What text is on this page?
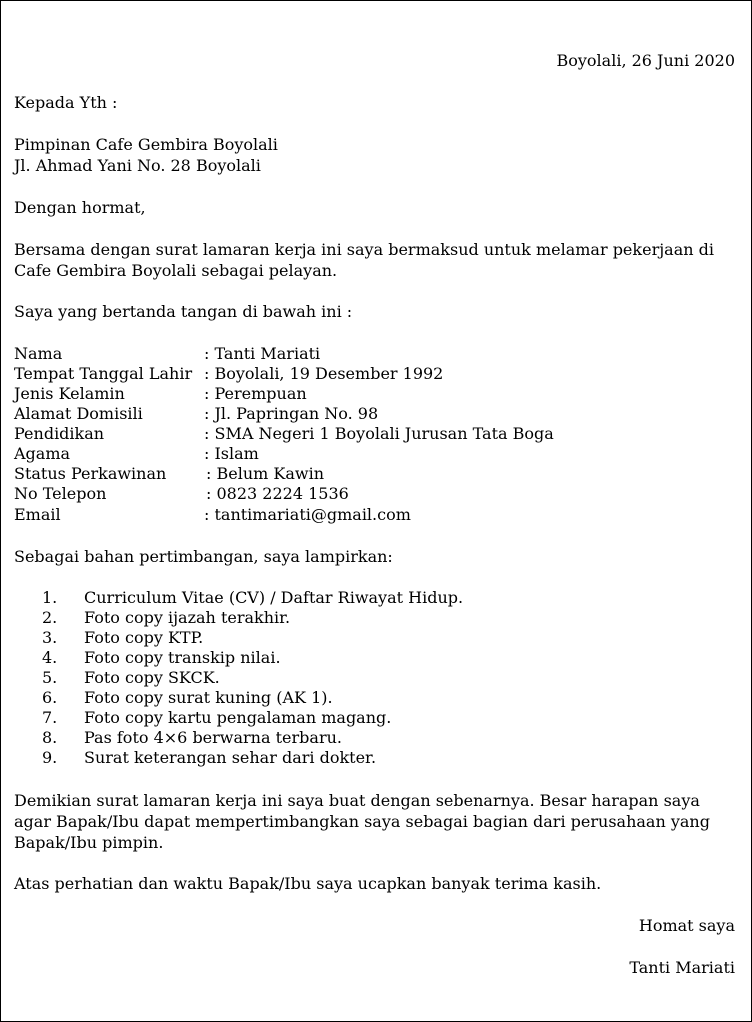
Boyolali, 26 Juni 2020
Kepada Yth :
Pimpinan Cafe Gembira Boyolali
Jl. Ahmad Yani No. 28 Boyolali
Dengan hormat,
Bersama dengan surat lamaran kerja ini saya bermaksud untuk melamar pekerjaan di Cafe Gembira Boyolali sebagai pelayan.
Saya yang bertanda tangan di bawah ini :
Nama	: Tanti Mariati
Tempat Tanggal Lahir : Boyolali, 19 Desember 1992
Jenis Kelamin	: Perempuan
Alamat Domisili	: Jl. Papringan No. 98
Pendidikan	: SMA Negeri 1 Boyolali Jurusan Tata Boga
Agama	: Islam
Status Perkawinan : Belum Kawin
No Telepon	: 0823 2224 1536
Email	: tantimariati@gmail.com
Sebagai bahan pertimbangan, saya lampirkan:
1.	Curriculum Vitae (CV) / Daftar Riwayat Hidup.
2.	Foto copy ijazah terakhir.
3.	Foto copy KTP.
4.	Foto copy transkip nilai.
5.	Foto copy SKCK.
6.	Foto copy surat kuning (AK 1).
7.	Foto copy kartu pengalaman magang.
8.	Pas foto 4×6 berwarna terbaru.
9.	Surat keterangan sehar dari dokter.
Demikian surat lamaran kerja ini saya buat dengan sebenarnya. Besar harapan saya agar Bapak/Ibu dapat mempertimbangkan saya sebagai bagian dari perusahaan yang Bapak/Ibu pimpin.
Atas perhatian dan waktu Bapak/Ibu saya ucapkan banyak terima kasih.
Homat saya
Tanti Mariati
